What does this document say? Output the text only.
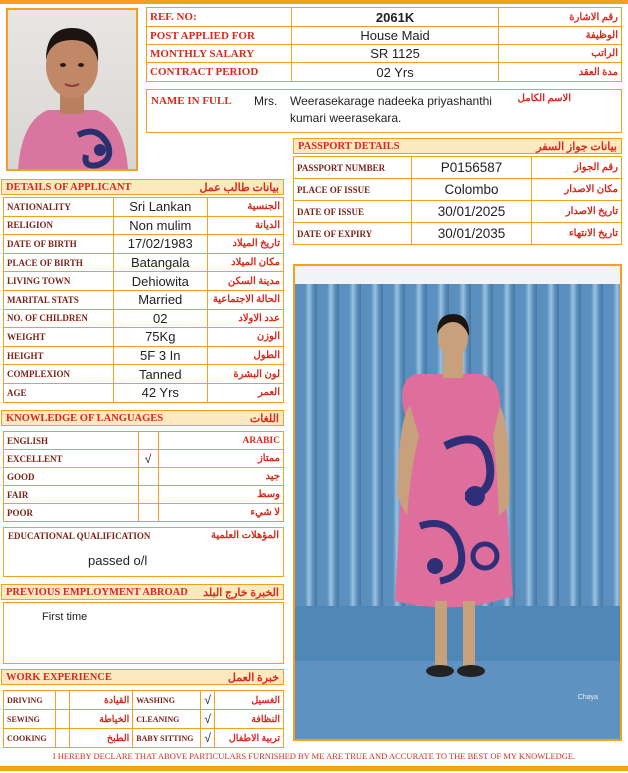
REF. NO:	2061K	رقم الاشارة
POST APPLIED FOR	House Maid	الوظيفة
MONTHLY SALARY	SR 1125	الراتب
CONTRACT PERIOD	02 Yrs	مدة العقد
NAME IN FULL Mrs. Weerasekarage nadeeka priyashanthi
kumari weerasekara.
الاسم الكامل
PASSPORT DETAILS	بيانات جواز السفر
PASSPORT NUMBER	P0156587	رقم الجواز
PLACE OF ISSUE	Colombo	مكان الاصدار
DATE OF ISSUE	30/01/2025	تاريخ الاصدار
DATE OF EXPIRY	30/01/2035	تاريخ الانتهاء
DETAILS OF APPLICANT	بيانات طالب عمل
NATIONALITY	Sri Lankan	الجنسية
RELIGION	Non mulim	الديانة
DATE OF BIRTH	17/02/1983	تاريخ الميلاد
PLACE OF BIRTH	Batangala	مكان الميلاد
LIVING TOWN	Dehiowita	مدينة السكن
MARITAL STATS	Married	الحالة الاجتماعية
NO. OF CHILDREN	02	عدد الاولاد
WEIGHT	75Kg	الوزن
HEIGHT	5F 3 In	الطول
COMPLEXION	Tanned	لون البشرة
AGE	42 Yrs	العمر
KNOWLEDGE OF LANGUAGES	اللغات
ENGLISH		ARABIC
EXCELLENT	√	ممتاز
GOOD		جيد
FAIR		وسط
POOR		لا شيء
EDUCATIONAL QUALIFICATION	المؤهلات العلمية
passed o/l
PREVIOUS EMPLOYMENT ABROAD الخبرة خارج البلد
First time
WORK EXPERIENCE	خبرة العمل
DRIVING		القيادة	WASHING	√	الغسيل
SEWING		الخياطة	CLEANING	√	النظافة
COOKING		الطبخ	BABY SITTING	√	تربية الاطفال
Chaya
I HEREBY DECLARE THAT ABOVE PARTICULARS FURNISHED BY ME ARE TRUE AND ACCURATE TO THE BEST OF MY KNOWLEDGE.
